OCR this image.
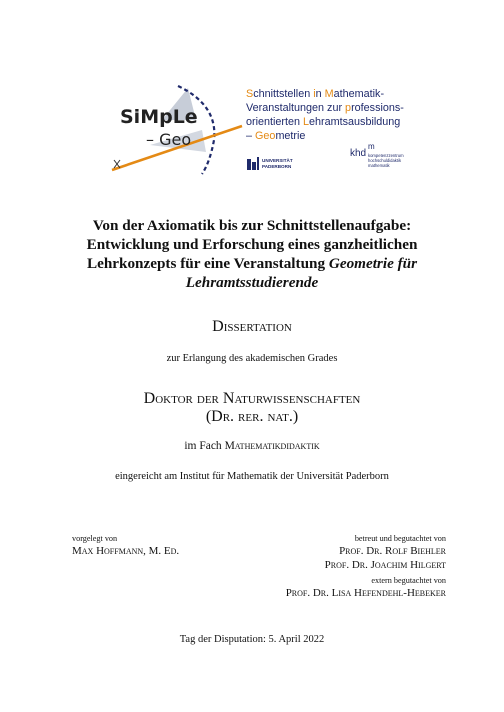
SiMpLe
– Geo
Schnittstellen in Mathematik-
Veranstaltungen zur professions-
orientierten Lehramtsausbildung
– Geometrie
UNIVERSITÄT
PADERBORN
khd
m
kompetenzzentrum
hochschuldidaktik
mathematik
Von der Axiomatik bis zur Schnittstellenaufgabe:
Entwicklung und Erforschung eines ganzheitlichen
Lehrkonzepts für eine Veranstaltung Geometrie für
Lehramtsstudierende
Dissertation
zur Erlangung des akademischen Grades
Doktor der Naturwissenschaften
(Dr. rer. nat.)
im Fach Mathematikdidaktik
eingereicht am Institut für Mathematik der Universität Paderborn
vorgelegt von
Max Hoffmann, M. Ed.
betreut und begutachtet von
Prof. Dr. Rolf Biehler
Prof. Dr. Joachim Hilgert
extern begutachtet von
Prof. Dr. Lisa Hefendehl-Hebeker
Tag der Disputation: 5. April 2022
